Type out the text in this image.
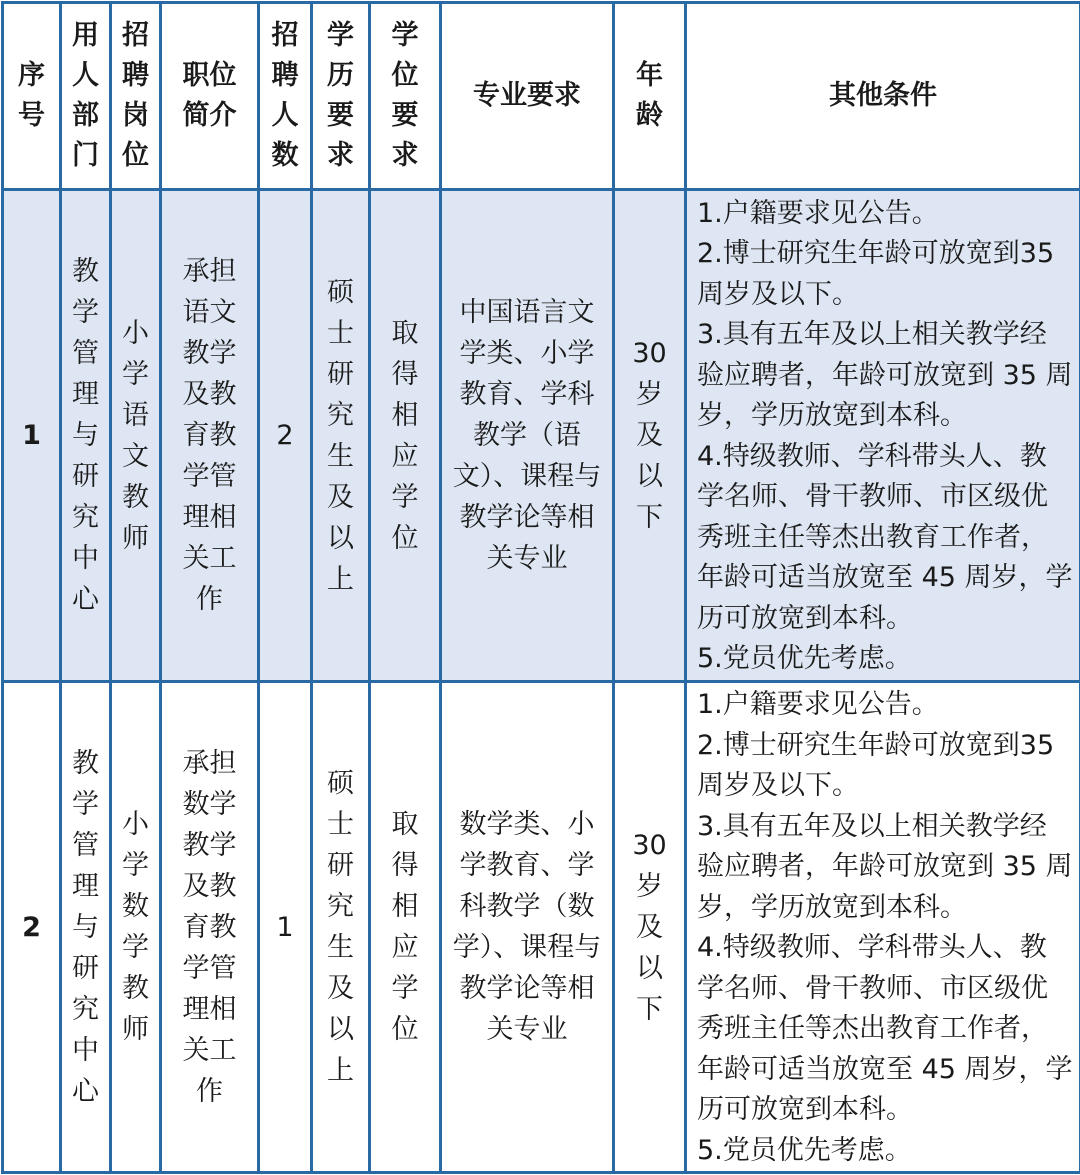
序号	用人部门	招聘岗位	职位简介	招聘人数	学历要求	学位要求	专业要求	年龄	其他条件
1	教学管理与研究中心	小学语文教师	承担语文教学及教育教学管理相关工作	2	硕士研究生及以上	取得相应学位	中国语言文学类、小学教育、学科教学（语文）、课程与教学论等相关专业	30岁及以下	1.户籍要求见公告。
2.博士研究生年龄可放宽到35 周岁及以下。
3.具有五年及以上相关教学经验应聘者，年龄可放宽到 35 周岁，学历放宽到本科。
4.特级教师、学科带头人、教学名师、骨干教师、市区级优秀班主任等杰出教育工作者，年龄可适当放宽至 45 周岁，学历可放宽到本科。
5.党员优先考虑。

2	教学管理与研究中心	小学数学教师	承担数学教学及教育教学管理相关工作	1	硕士研究生及以上	取得相应学位	数学类、小学教育、学科教学（数学）、课程与教学论等相关专业	30岁及以下	1.户籍要求见公告。
2.博士研究生年龄可放宽到35 周岁及以下。
3.具有五年及以上相关教学经验应聘者，年龄可放宽到 35 周岁，学历放宽到本科。
4.特级教师、学科带头人、教学名师、骨干教师、市区级优秀班主任等杰出教育工作者，年龄可适当放宽至 45 周岁，学历可放宽到本科。
5.党员优先考虑。
